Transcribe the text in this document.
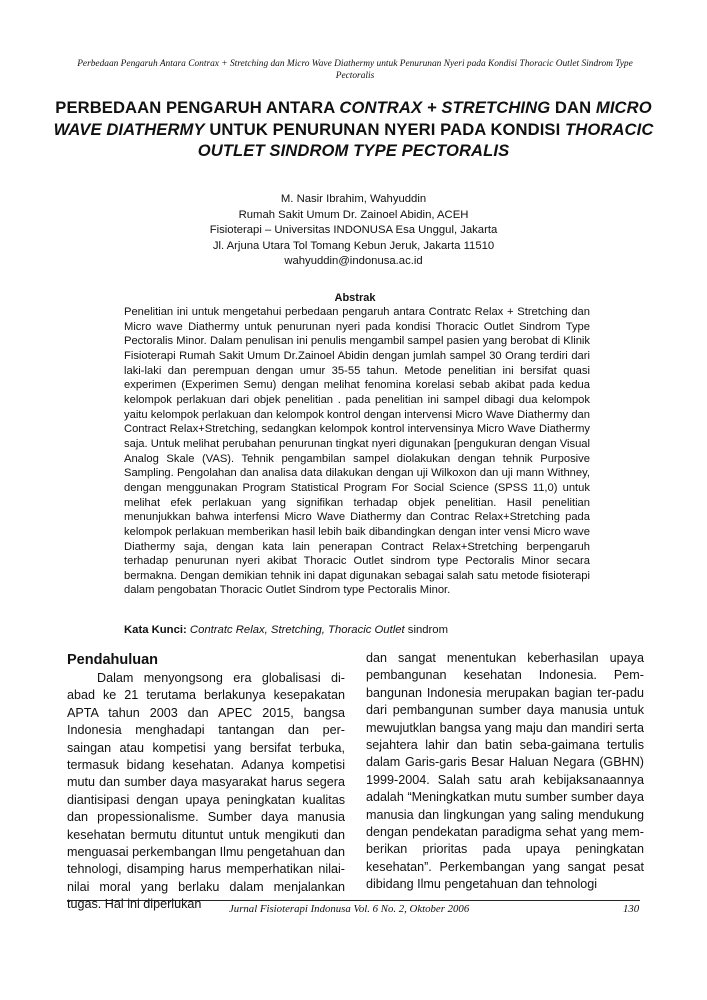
Perbedaan Pengaruh Antara Contrax + Stretching dan Micro Wave Diathermy untuk Penurunan Nyeri pada Kondisi Thoracic Outlet Sindrom Type Pectoralis
PERBEDAAN PENGARUH ANTARA CONTRAX + STRETCHING DAN MICRO WAVE DIATHERMY UNTUK PENURUNAN NYERI PADA KONDISI THORACIC OUTLET SINDROM TYPE PECTORALIS
M. Nasir Ibrahim, Wahyuddin
Rumah Sakit Umum Dr. Zainoel Abidin, ACEH
Fisioterapi – Universitas INDONUSA Esa Unggul, Jakarta
Jl. Arjuna Utara Tol Tomang Kebun Jeruk, Jakarta 11510
wahyuddin@indonusa.ac.id
Abstrak

Penelitian ini untuk mengetahui perbedaan pengaruh antara Contratc Relax + Stretching dan Micro wave Diathermy untuk penurunan nyeri pada kondisi Thoracic Outlet Sindrom Type Pectoralis Minor. Dalam penulisan ini penulis mengambil sampel pasien yang berobat di Klinik Fisioterapi Rumah Sakit Umum Dr.Zainoel Abidin dengan jumlah sampel 30 Orang terdiri dari laki-laki dan perempuan dengan umur 35-55 tahun. Metode penelitian ini bersifat quasi experimen (Experimen Semu) dengan melihat fenomina korelasi sebab akibat pada kedua kelompok perlakuan dari objek penelitian . pada penelitian ini sampel dibagi dua kelompok yaitu kelompok perlakuan dan kelompok kontrol dengan intervensi Micro Wave Diathermy dan Contract Relax+Stretching, sedangkan kelompok kontrol intervensinya Micro Wave Diathermy saja. Untuk melihat perubahan penurunan tingkat nyeri digunakan [pengukuran dengan Visual Analog Skale (VAS). Tehnik pengambilan sampel diolakukan dengan tehnik Purposive Sampling. Pengolahan dan analisa data dilakukan dengan uji Wilkoxon dan uji mann Withney, dengan menggunakan Program Statistical Program For Social Science (SPSS 11,0) untuk melihat efek perlakuan yang signifikan terhadap objek penelitian. Hasil penelitian menunjukkan bahwa interfensi Micro Wave Diathermy dan Contrac Relax+Stretching pada kelompok perlakuan memberikan hasil lebih baik dibandingkan dengan inter vensi Micro wave Diathermy saja, dengan kata lain penerapan Contract Relax+Stretching berpengaruh terhadap penurunan nyeri akibat Thoracic Outlet sindrom type Pectoralis Minor secara bermakna. Dengan demikian tehnik ini dapat digunakan sebagai salah satu metode fisioterapi dalam pengobatan Thoracic Outlet Sindrom type Pectoralis Minor.

Kata Kunci: Contratc Relax, Stretching, Thoracic Outlet sindrom
Pendahuluan

Dalam menyongsong era globalisasi di-abad ke 21 terutama berlakunya kesepakatan APTA tahun 2003 dan APEC 2015, bangsa Indonesia menghadapi tantangan dan per-saingan atau kompetisi yang bersifat terbuka, termasuk bidang kesehatan. Adanya kompetisi mutu dan sumber daya masyarakat harus segera diantisipasi dengan upaya peningkatan kualitas dan propessionalisme. Sumber daya manusia kesehatan bermutu dituntut untuk mengikuti dan menguasai perkembangan Ilmu pengetahuan dan tehnologi, disamping harus memperhatikan nilai-nilai moral yang berlaku dalam menjalankan tugas. Hal ini diperlukan

dan sangat menentukan keberhasilan upaya pembangunan kesehatan Indonesia. Pem-bangunan Indonesia merupakan bagian ter-padu dari pembangunan sumber daya manusia untuk mewujutklan bangsa yang maju dan mandiri serta sejahtera lahir dan batin seba-gaimana tertulis dalam Garis-garis Besar Haluan Negara (GBHN) 1999-2004. Salah satu arah kebijaksanaannya adalah “Meningkatkan mutu sumber sumber daya manusia dan lingkungan yang saling mendukung dengan pendekatan paradigma sehat yang mem-berikan prioritas pada upaya peningkatan kesehatan”. Perkembangan yang sangat pesat dibidang Ilmu pengetahuan dan tehnologi

Jurnal Fisioterapi Indonusa Vol. 6 No. 2, Oktober 2006	130
